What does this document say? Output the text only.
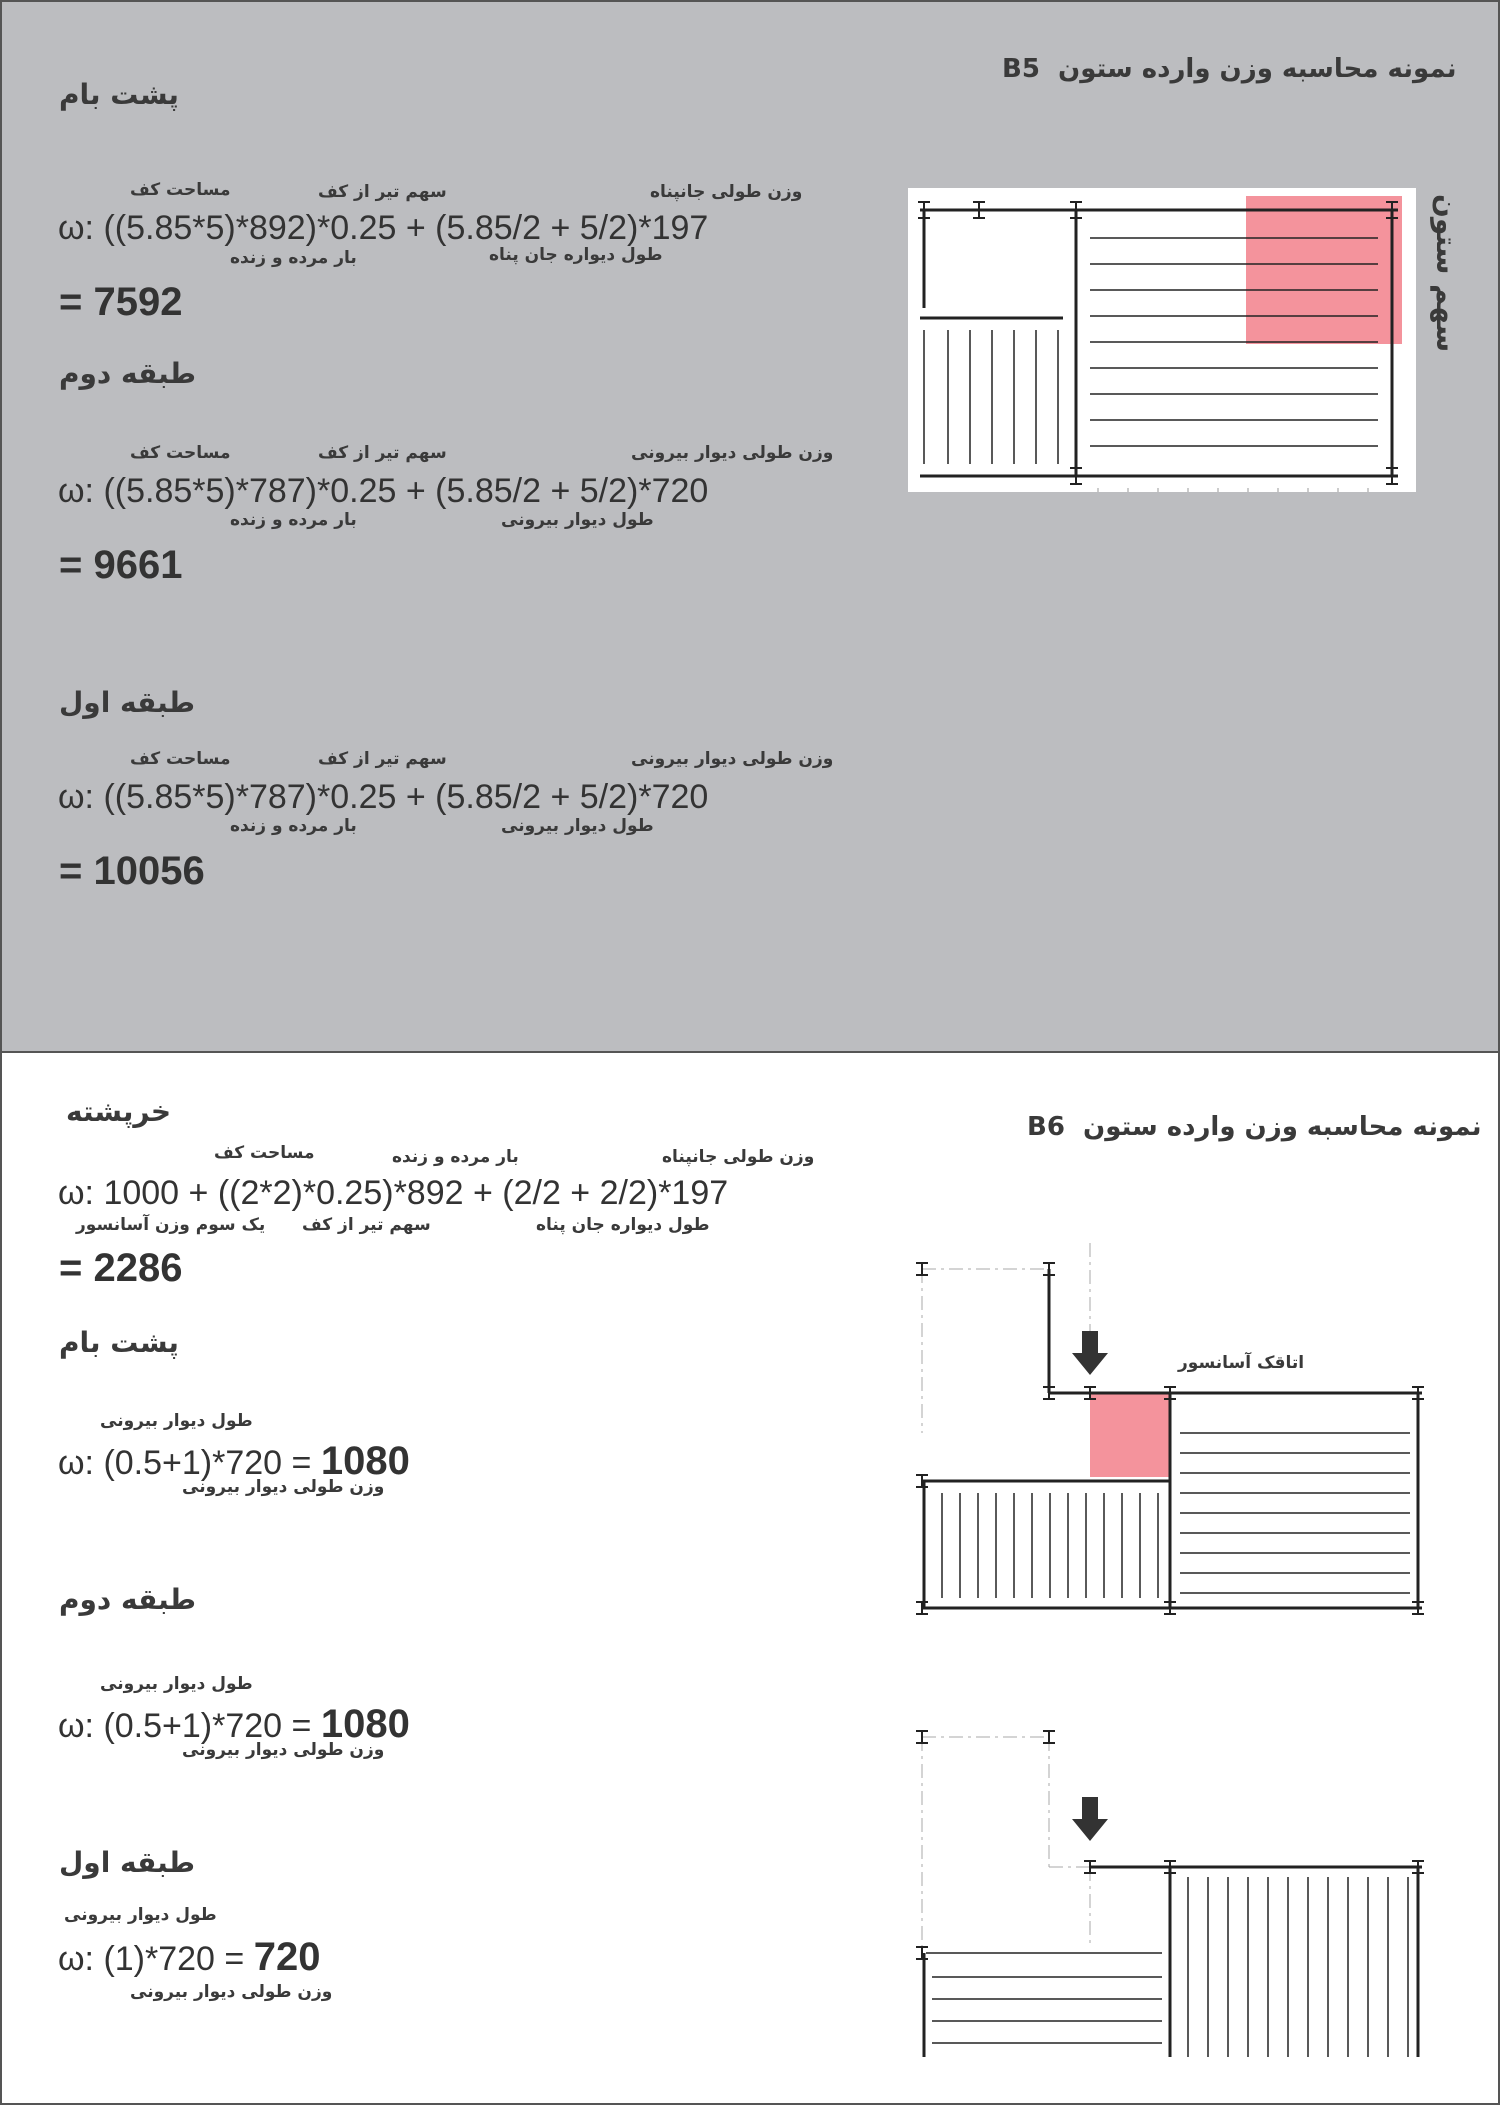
B5 نمونه محاسبه وزن وارده ستون
پشت بام
مساحت کف	سهم تیر از کف	وزن طولی جانپناه
ω: ((5.85*5)*892)*0.25 + (5.85/2 + 5/2)*197
بار مرده و زنده	طول دیواره جان پناه
= 7592
طبقه دوم
مساحت کف	سهم تیر از کف	وزن طولی دیوار بیرونی
ω: ((5.85*5)*787)*0.25 + (5.85/2 + 5/2)*720
بار مرده و زنده	طول دیوار بیرونی
= 9661
طبقه اول
مساحت کف	سهم تیر از کف	وزن طولی دیوار بیرونی
ω: ((5.85*5)*787)*0.25 + (5.85/2 + 5/2)*720
بار مرده و زنده	طول دیوار بیرونی
= 10056
سهم ستون
B6 نمونه محاسبه وزن وارده ستون
خرپشته
مساحت کف	بار مرده و زنده	وزن طولی جانپناه
ω: 1000 + ((2*2)*0.25)*892 + (2/2 + 2/2)*197
یک سوم وزن آسانسور سهم تیر از کف	طول دیواره جان پناه
= 2286
پشت بام
طول دیوار بیرونی
ω: (0.5+1)*720 = 1080
وزن طولی دیوار بیرونی
طبقه دوم
طول دیوار بیرونی
ω: (0.5+1)*720 = 1080
وزن طولی دیوار بیرونی
طبقه اول
طول دیوار بیرونی
ω: (1)*720 = 720
وزن طولی دیوار بیرونی
اتاقک آسانسور
